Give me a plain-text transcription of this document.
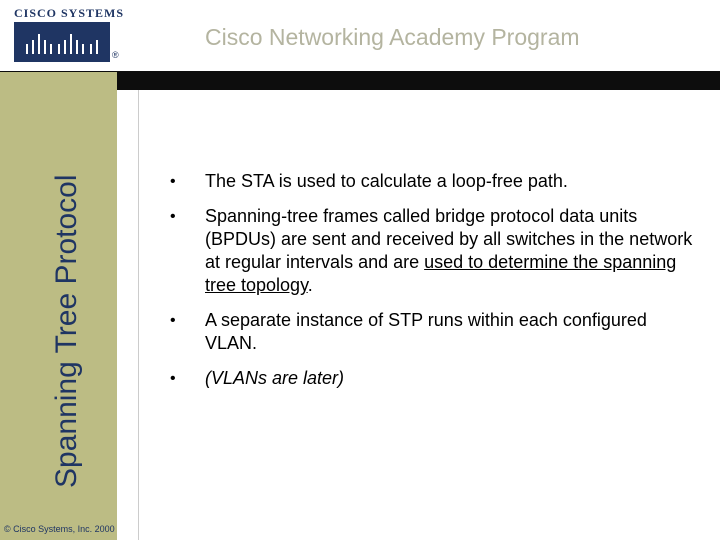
CISCO SYSTEMS
®
Cisco Networking Academy Program
Spanning Tree Protocol
© Cisco Systems, Inc. 2000
• The STA is used to calculate a loop-free path.
• Spanning-tree frames called bridge protocol data units (BPDUs) are sent and received by all switches in the network at regular intervals and are used to determine the spanning tree topology.
• A separate instance of STP runs within each configured VLAN.
• (VLANs are later)
